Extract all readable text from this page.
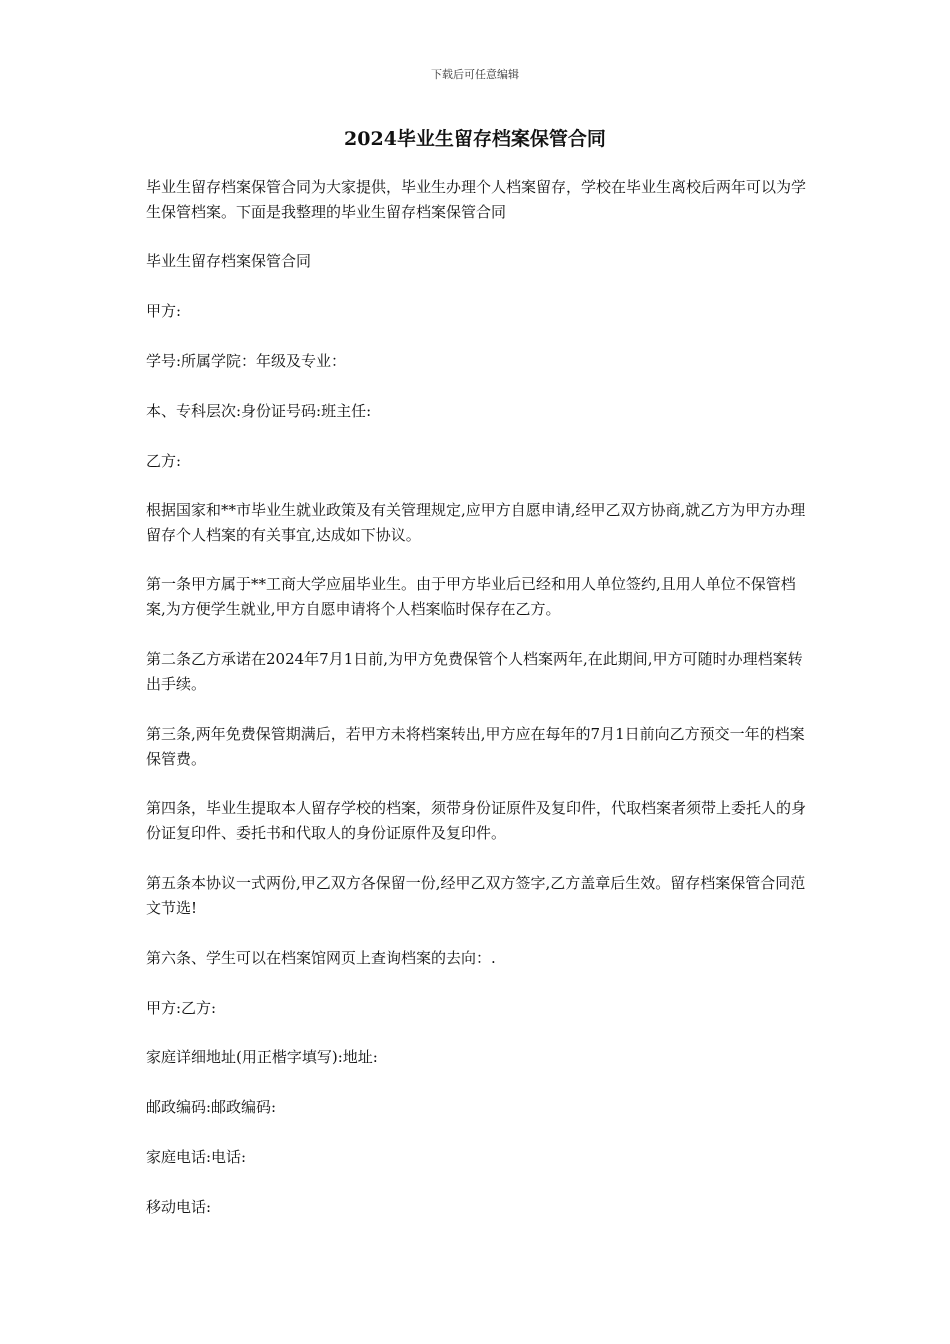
下载后可任意编辑
2024毕业生留存档案保管合同

毕业生留存档案保管合同为大家提供，毕业生办理个人档案留存，学校在毕业生离校后两年可以为学生保管档案。下面是我整理的毕业生留存档案保管合同

毕业生留存档案保管合同

甲方:

学号:所属学院：年级及专业：

本、专科层次:身份证号码:班主任:

乙方:

根据国家和**市毕业生就业政策及有关管理规定,应甲方自愿申请,经甲乙双方协商,就乙方为甲方办理留存个人档案的有关事宜,达成如下协议。

第一条甲方属于**工商大学应届毕业生。由于甲方毕业后已经和用人单位签约,且用人单位不保管档案,为方便学生就业,甲方自愿申请将个人档案临时保存在乙方。

第二条乙方承诺在2024年7月1日前,为甲方免费保管个人档案两年,在此期间,甲方可随时办理档案转出手续。

第三条,两年免费保管期满后，若甲方未将档案转出,甲方应在每年的7月1日前向乙方预交一年的档案保管费。

第四条，毕业生提取本人留存学校的档案，须带身份证原件及复印件，代取档案者须带上委托人的身份证复印件、委托书和代取人的身份证原件及复印件。

第五条本协议一式两份,甲乙双方各保留一份,经甲乙双方签字,乙方盖章后生效。留存档案保管合同范文节选!

第六条、学生可以在档案馆网页上查询档案的去向：.

甲方:乙方:

家庭详细地址(用正楷字填写):地址:

邮政编码:邮政编码:

家庭电话:电话:

移动电话:
